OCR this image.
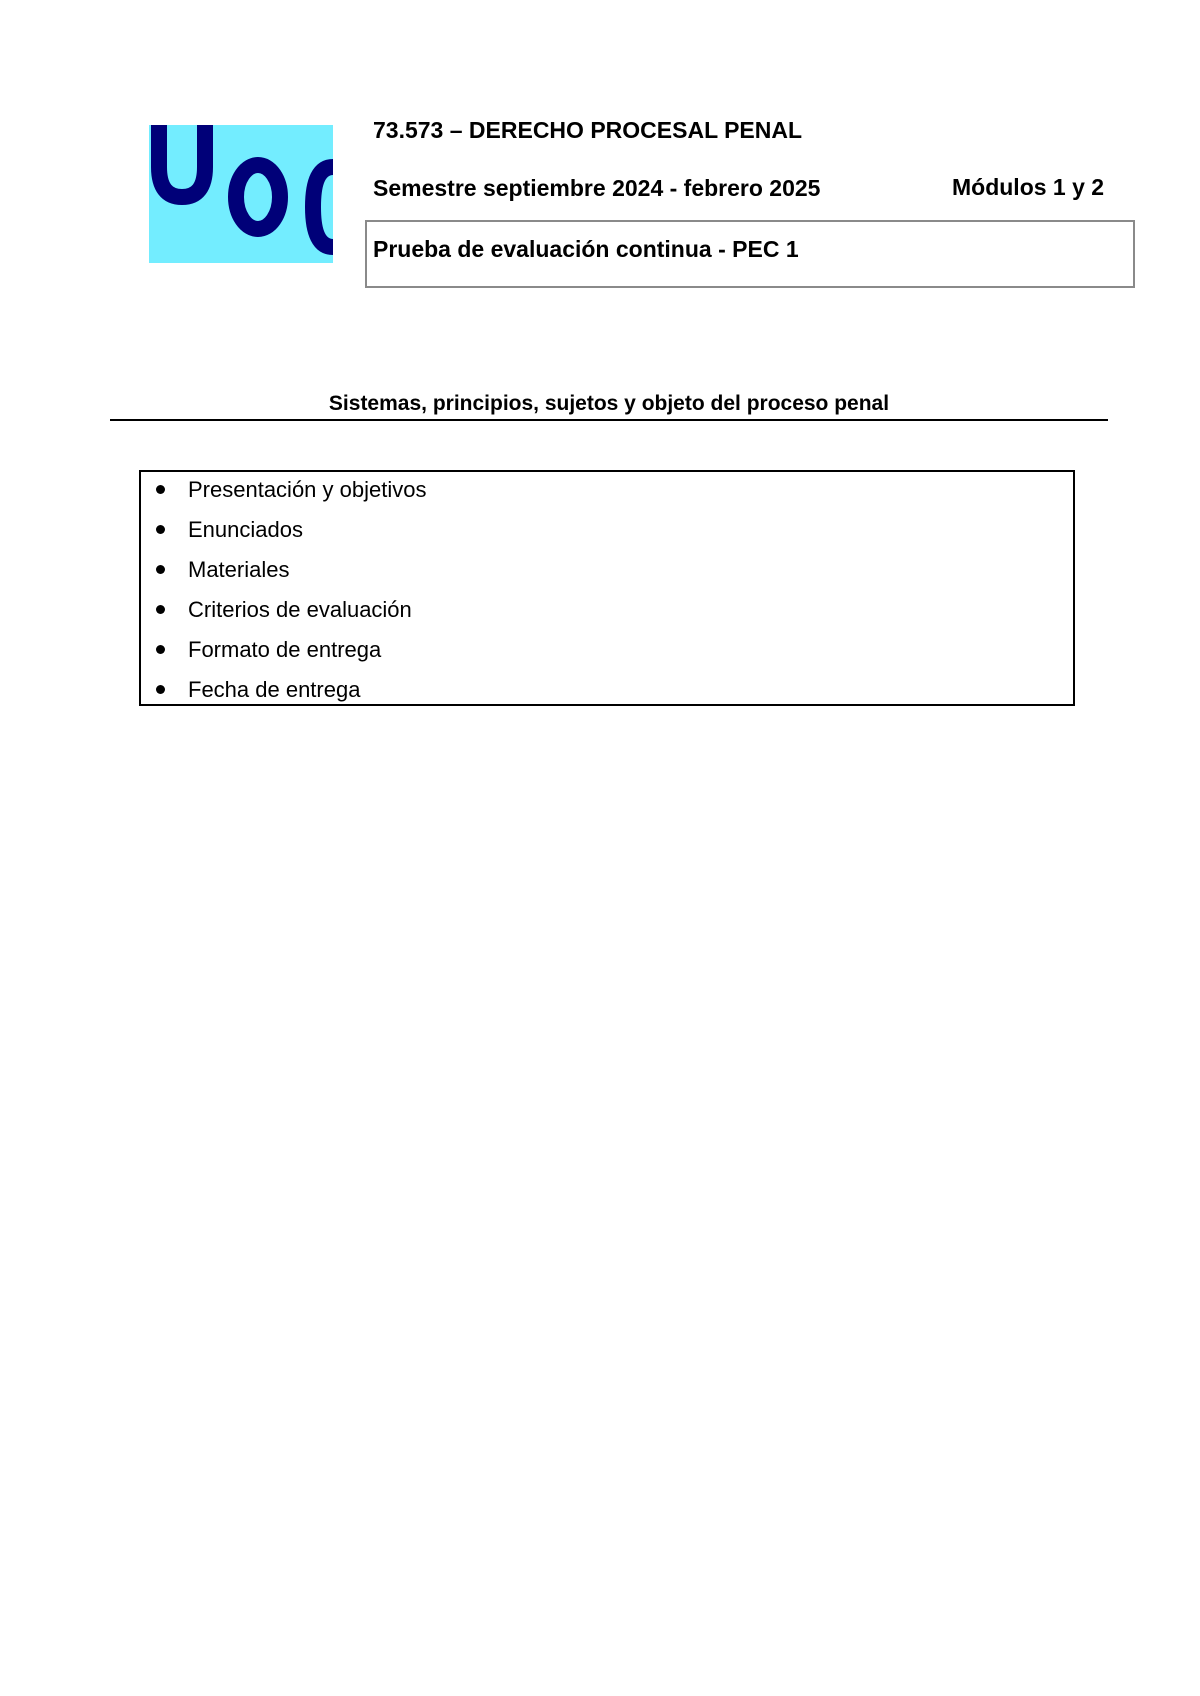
73.573 – DERECHO PROCESAL PENAL
Semestre septiembre 2024 - febrero 2025	Módulos 1 y 2
Prueba de evaluación continua - PEC 1
Sistemas, principios, sujetos y objeto del proceso penal
Presentación y objetivos
Enunciados
Materiales
Criterios de evaluación
Formato de entrega
Fecha de entrega
